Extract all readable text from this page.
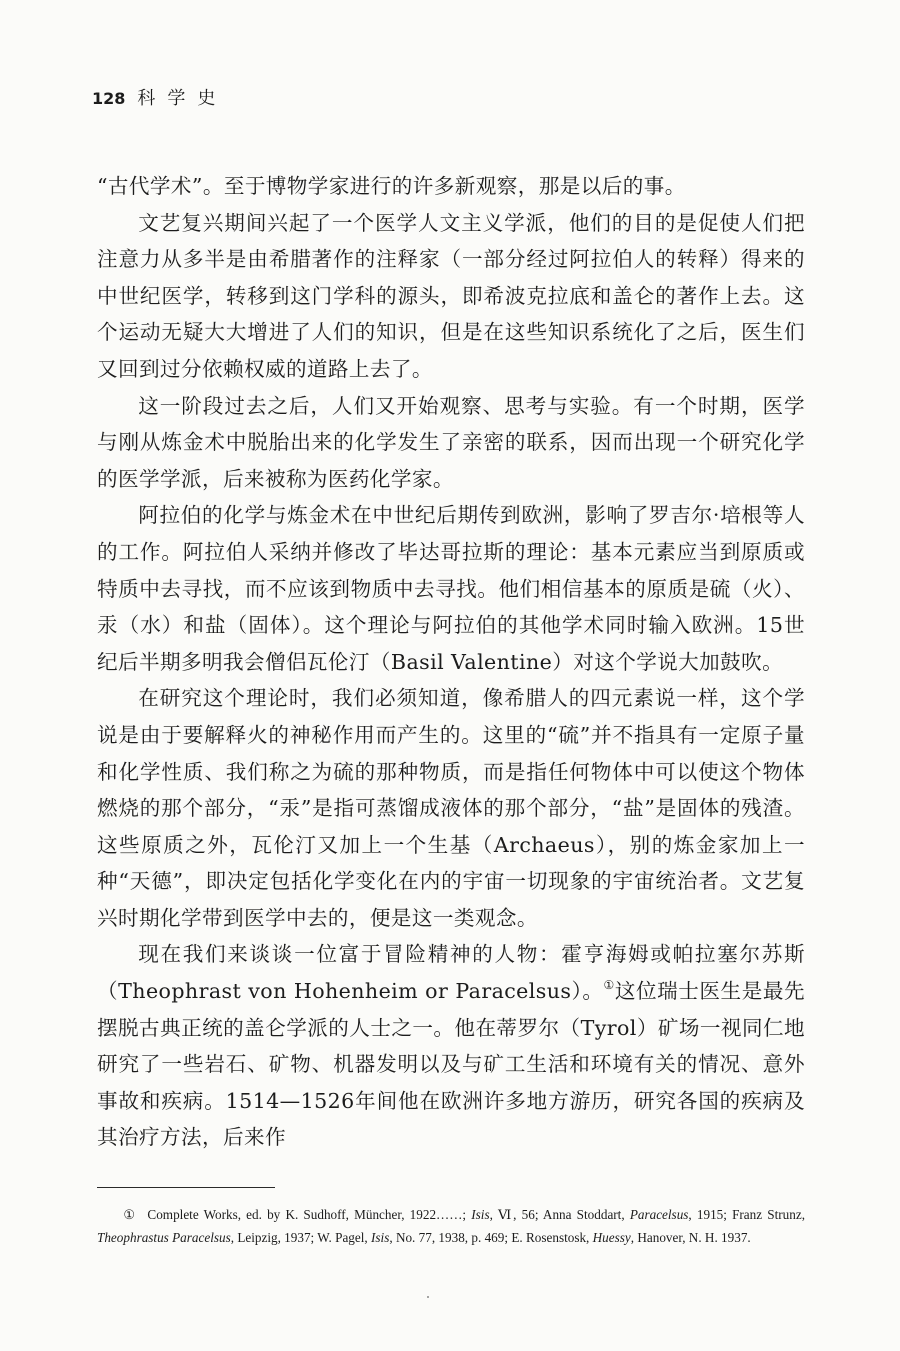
128 科学史

“古代学术”。至于博物学家进行的许多新观察，那是以后的事。

文艺复兴期间兴起了一个医学人文主义学派，他们的目的是促使人们把注意力从多半是由希腊著作的注释家（一部分经过阿拉伯人的转释）得来的中世纪医学，转移到这门学科的源头，即希波克拉底和盖仑的著作上去。这个运动无疑大大增进了人们的知识，但是在这些知识系统化了之后，医生们又回到过分依赖权威的道路上去了。

这一阶段过去之后，人们又开始观察、思考与实验。有一个时期，医学与刚从炼金术中脱胎出来的化学发生了亲密的联系，因而出现一个研究化学的医学学派，后来被称为医药化学家。

阿拉伯的化学与炼金术在中世纪后期传到欧洲，影响了罗吉尔·培根等人的工作。阿拉伯人采纳并修改了毕达哥拉斯的理论：基本元素应当到原质或特质中去寻找，而不应该到物质中去寻找。他们相信基本的原质是硫（火）、汞（水）和盐（固体）。这个理论与阿拉伯的其他学术同时输入欧洲。15世纪后半期多明我会僧侣瓦伦汀（Basil Valentine）对这个学说大加鼓吹。

在研究这个理论时，我们必须知道，像希腊人的四元素说一样，这个学说是由于要解释火的神秘作用而产生的。这里的“硫”并不指具有一定原子量和化学性质、我们称之为硫的那种物质，而是指任何物体中可以使这个物体燃烧的那个部分，“汞”是指可蒸馏成液体的那个部分，“盐”是固体的残渣。这些原质之外，瓦伦汀又加上一个生基（Archaeus），别的炼金家加上一种“天德”，即决定包括化学变化在内的宇宙一切现象的宇宙统治者。文艺复兴时期化学带到医学中去的，便是这一类观念。

现在我们来谈谈一位富于冒险精神的人物：霍亨海姆或帕拉塞尔苏斯（Theophrast von Hohenheim or Paracelsus）。①这位瑞士医生是最先摆脱古典正统的盖仑学派的人士之一。他在蒂罗尔（Tyrol）矿场一视同仁地研究了一些岩石、矿物、机器发明以及与矿工生活和环境有关的情况、意外事故和疾病。1514—1526年间他在欧洲许多地方游历，研究各国的疾病及其治疗方法，后来作

① Complete Works, ed. by K. Sudhoff, Müncher, 1922……; Isis, Ⅵ, 56; Anna Stoddart, Paracelsus, 1915; Franz Strunz, Theophrastus Paracelsus, Leipzig, 1937; W. Pagel, Isis, No. 77, 1938, p. 469; E. Rosenstosk, Huessy, Hanover, N. H. 1937.
